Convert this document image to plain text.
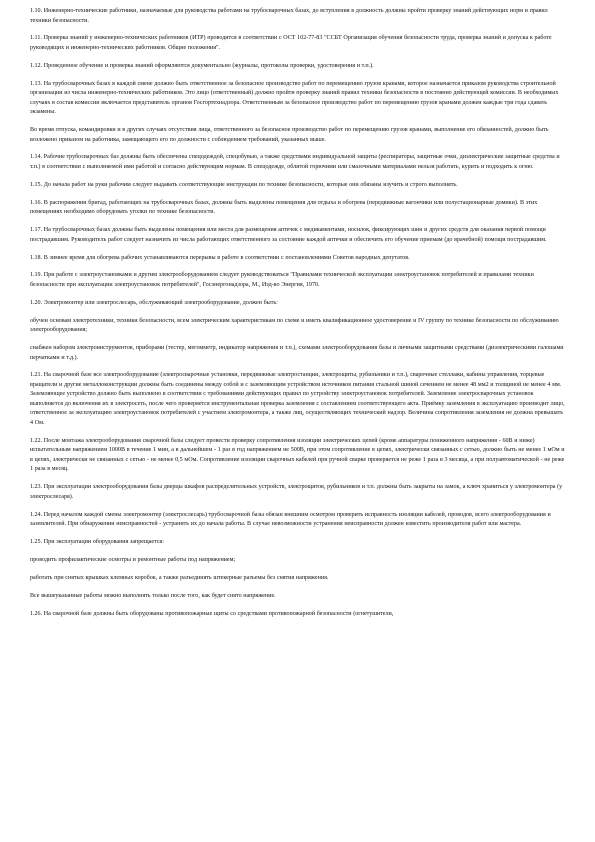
1.10. Инженерно-технические работники, назначаемые для руководства работами на трубосварочных базах, до вступления в должность должны пройти проверку знаний действующих норм и правил техники безопасности.

1.11. Проверка знаний у инженерно-технических работников (ИТР) проводится в соответствии с ОСТ 102-77-83 "ССБТ Организация обучения безопасности труда, проверка знаний и допуска к работе руководящих и инженерно-технических работников. Общие положения".

1.12. Проведенное обучение и проверка знаний оформляются документально (журналы, протоколы проверки, удостоверения и т.п.).

1.13. На трубосварочных базах в каждой смене должно быть ответственное за безопасное производство работ по перемещению грузов кранами, которое назначается приказом руководства строительной организации из числа инженерно-технических работников. Это лицо (ответственный) должно пройти проверку знаний правил техники безопасности в постоянно действующей комиссии. В необходимых случаях в состав комиссии включается представитель органов Госгортехнадзора. Ответственным за безопасное производство работ по перемещению грузов кранами должен каждые три года сдавать экзамены.

Во время отпуска, командировки и в других случаях отсутствия лица, ответственного за безопасное производство работ по перемещению грузов кранами, выполнение его обязанностей, должно быть возложено приказом на работника, замещающего его по должности с соблюдением требований, указанных выше.

1.14. Рабочие трубосварочных баз должны быть обеспечены спецодеждой, спецобувью, а также средствами индивидуальной защиты (респираторы, защитные очки, диэлектрические защитные средства и т.п.) в соответствии с выполняемой ими работой и согласно действующим нормам. В спецодежде, облитой горючими или смазочными материалами нельзя работать, курить и подходить к огню.

1.15. До начала работ на руки рабочим следует выдавать соответствующие инструкции по технике безопасности, которые они обязаны изучить и строго выполнять.

1.16. В распоряжении бригад, работающих на трубосварочных базах, должны быть выделены помещения для отдыха и обогрева (передвижные вагончики или полустационарные домики). В этих помещениях необходимо оборудовать уголки по технике безопасности.

1.17. На трубосварочных базах должны быть выделены помещения или места для размещения аптечек с медикаментами, носилок, фиксирующих шин и других средств для оказания первой помощи пострадавшим. Руководитель работ следует назначить из числа работающих ответственного за состояние каждой аптечки и обеспечить его обучение приемам (до врачебной) помощи пострадавшим.

1.18. В зимнее время для обогрева рабочих устанавливаются перерывы в работе в соответствии с постановлениями Советов народных депутатов.

1.19. При работе с электроустановками и другим электрооборудованием следует руководствоваться "Правилами технической эксплуатации электроустановок потребителей и правилами техники безопасности при эксплуатации электроустановок потребителей", Госэнергонадзора, М., Изд-во Энергия, 1970.

1.20. Электромонтер или электрослесарь, обслуживающий электрооборудование, должен быть:

обучен основам электротехники, техники безопасности, всем электрическим характеристикам по схеме и иметь квалификационное удостоверение и IV группу по технике безопасности по обслуживанию электрооборудования;

снабжен набором электроинструментов, приборами (тестер, мегомметр, индикатор напряжения и т.п.), схемами электрооборудования базы и личными защитными средствами (диэлектрическими галошами перчатками и т.д.).

1.21. На сварочной базе все электрооборудование (электросварочные установки, передвижные электростанции, электрощиты, рубильники и т.п.), сварочные стеллажи, кабины управления, торцевые вращатели и другие металлоконструкции должны быть соединены между собой и с заземляющим устройством источников питания стальной шиной сечением не менее 48 мм2 и толщиной не менее 4 мм. Заземляющее устройство должно быть выполнено в соответствии с требованиями действующих правил по устройству электроустановок потребителей. Заземление электросварочных установок выполняется до включения их в электросеть, после чего проверяется инструментальная проверка заземления с составлением соответствующего акта. Приёмку заземления в эксплуатацию производит лицо, ответственное за эксплуатацию электроустановок потребителей с участием электромонтера, а также лиц, осуществляющих технический надзор. Величина сопротивления заземления не должна превышать 4 Ом.

1.22. После монтажа электрооборудования сварочной базы следует провести проверку сопротивления изоляции электрических цепей (кроме аппаратуры пониженного напряжения - 60В и ниже) испытательным напряжением 1000В в течение 1 мин, а в дальнейшем - 1 раз в год напряжением не 500В, при этом сопротивление в цепях, электрически связанных с сетью, должно быть не менее 1 мОм и в цепях, электрически не связанных с сетью - не менее 0,5 мОм. Сопротивление изоляции сварочных кабелей при ручной сварке проверяется не реже 1 раза в 3 месяца, а при полуавтоматической - не реже 1 раза в месяц.

1.23. При эксплуатации электрооборудования базы дверцы шкафов распределительных устройств, электрощитов, рубильников и т.п. должны быть закрыты на замок, а ключ храниться у электромонтера (у электрослесаря).

1.24. Перед началом каждой смены электромонтер (электрослесарь) трубосварочной базы обязан внешним осмотром проверить исправность изоляции кабелей, проводов, всего электрооборудования и заземлителей. При обнаружении неисправностей - устранить их до начала работы. В случае невозможности устранения неисправности должен известить производителя работ или мастера.

1.25. При эксплуатации оборудования запрещается:

проводить профилактические осмотры и ремонтные работы под напряжением;

работать при снятых крышках клемных коробок, а также разъединять штекерные разъемы без снятия напряжения.

Все вышеуказанные работы можно выполнять только после того, как будет снято напряжение.

1.26. На сварочной базе должны быть оборудованы противопожарные щиты со средствами противопожарной безопасности (огнетушители,
